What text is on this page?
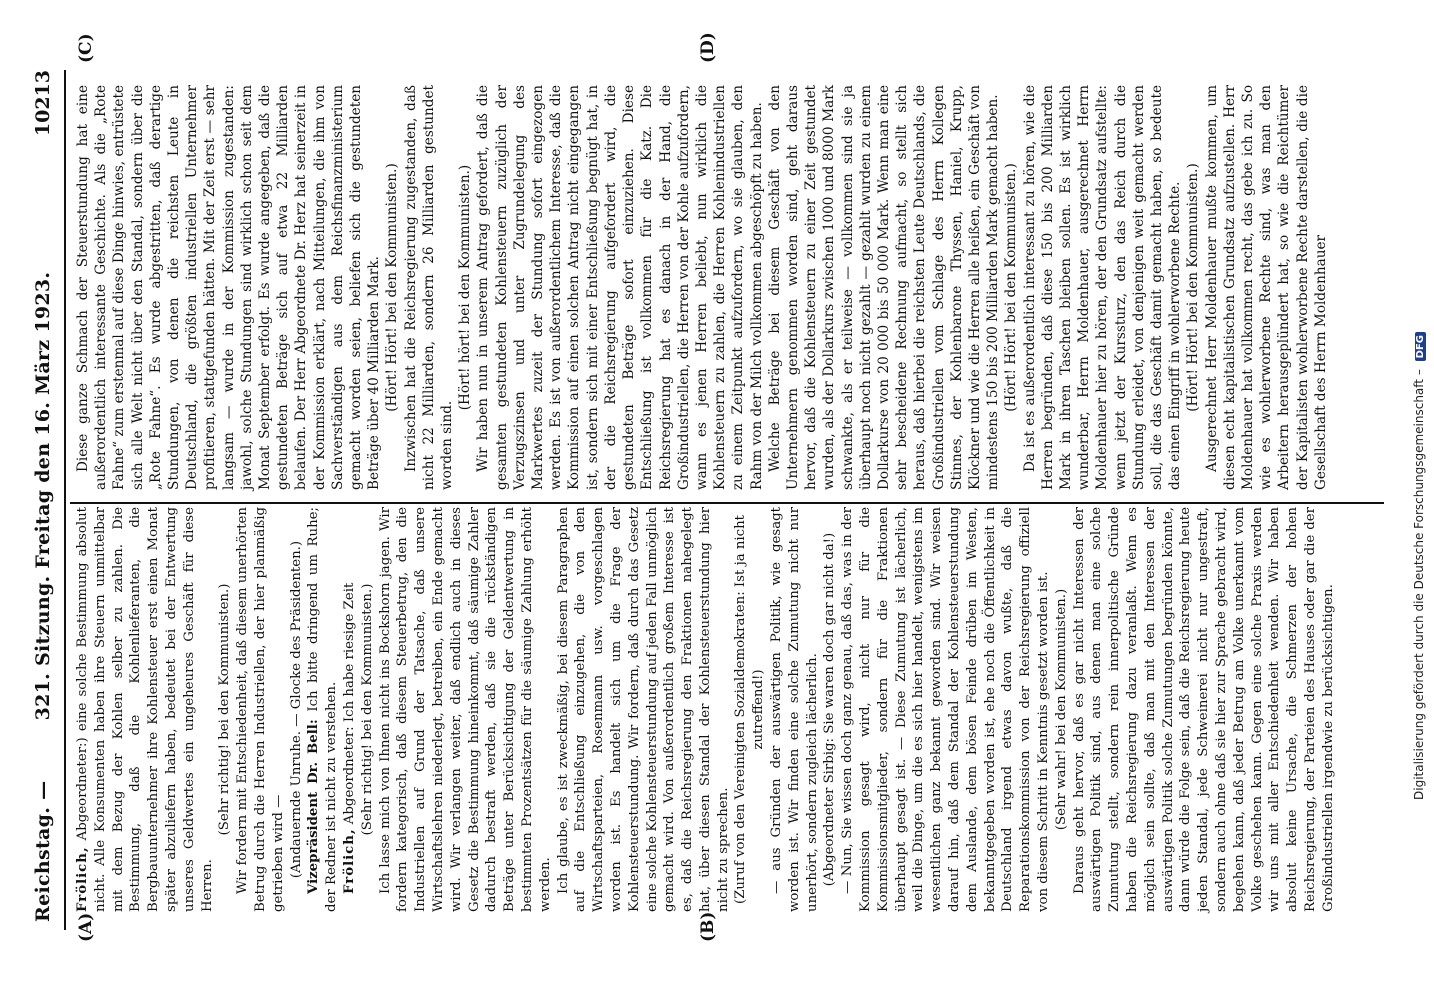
Reichstag. —
321. Sitzung. Freitag den 16. März 1923.
10213
(A)	(B)
(C)	(D)

Frölich, Abgeordneter:) eine solche Bestimmung absolut nicht. Alle Konsumenten haben ihre Steuern unmittelbar mit dem Bezug der Kohlen selber zu zahlen. Die Bestimmung, daß die Kohlenlieferanten, die Bergbauunternehmer ihre Kohlensteuer erst einen Monat später abzuliefern haben, bedeutet bei der Entwertung unseres Geldwertes ein ungeheures Geschäft für diese Herren.

(Sehr richtig! bei den Kommunisten.) Wir fordern mit Entschiedenheit, daß diesem unerhörten Betrug durch die Herren Industriellen, der hier planmäßig getrieben wird — (Andauernde Unruhe. — Glocke des Präsidenten.) Vizepräsident Dr. Bell: Ich bitte dringend um Ruhe; der Redner ist nicht zu verstehen. Frölich, Abgeordneter: Ich habe riesige Zeit (Sehr richtig! bei den Kommunisten.) Ich lasse mich von Ihnen nicht ins Bockshorn jagen. Wir fordern kategorisch, daß diesem Steuerbetrug, den die Industriellen auf Grund der Tatsache, daß unsere Wirtschaftslehren niederlegt, betreiben, ein Ende gemacht wird. Wir verlangen weiter, daß endlich auch in dieses Gesetz die Bestimmung hineinkommt, daß säumige Zahler dadurch bestraft werden, daß sie die rückständigen Beträge unter Berücksichtigung der Geldentwertung in bestimmten Prozentsätzen für die säumige Zahlung erhöht werden. Ich glaube, es ist zweckmäßig, bei diesem Paragraphen auf die Entschließung einzugehen, die von den Wirtschaftsparteien, Rosenmann usw. vorgeschlagen worden ist. Es handelt sich um die Frage der Kohlensteuerstundung. Wir fordern, daß durch das Gesetz eine solche Kohlensteuerstundung auf jeden Fall unmöglich gemacht wird. Von außerordentlich großem Interesse ist es, daß die Reichsregierung den Fraktionen nahegelegt hat, über diesen Standal der Kohlensteuerstundung hier nicht zu sprechen. (Zuruf von den Vereinigten Sozialdemokraten: Ist ja nicht zutreffend!) — aus Gründen der auswärtigen Politik, wie gesagt worden ist. Wir finden eine solche Zumutung nicht nur unerhört, sondern zugleich lächerlich. (Abgeordneter Sirbig: Sie waren doch gar nicht da!) — Nun, Sie wissen doch ganz genau, daß das, was in der Kommission gesagt wird, nicht nur für die Kommissionsmitglieder, sondern für die Fraktionen überhaupt gesagt ist. — Diese Zumutung ist lächerlich, weil die Dinge, um die es sich hier handelt, wenigstens im wesentlichen ganz bekannt geworden sind. Wir weisen darauf hin, daß dem Standal der Kohlensteuerstundung dem Auslande, dem bösen Feinde drüben im Westen, bekanntgegeben worden ist, ehe noch die Öffentlichkeit in Deutschland irgend etwas davon wußte, daß die Reparationskommission von der Reichsregierung offiziell von diesem Schritt in Kenntnis gesetzt worden ist. (Sehr wahr! bei den Kommunisten.) Daraus geht hervor, daß es gar nicht Interessen der auswärtigen Politik sind, aus denen man eine solche Zumutung stellt, sondern rein innerpolitische Gründe haben die Reichsregierung dazu veranlaßt. Wenn es möglich sein sollte, daß man mit den Interessen der auswärtigen Politik solche Zumutungen begründen könnte, dann würde die Folge sein, daß die Reichsregierung heute jeden Standal, jede Schweinerei nicht nur ungestraft, sondern auch ohne daß sie hier zur Sprache gebracht wird, begehen kann, daß jeder Betrug am Volke unerkannt vom Volke geschehen kann. Gegen eine solche Praxis werden wir uns mit aller Entschiedenheit wenden. Wir haben absolut keine Ursache, die Schmerzen der hohen Reichsregierung, der Parteien des Hauses oder gar die der Großindustriellen irgendwie zu berücksichtigen.

Diese ganze Schmach der Steuerstundung hat eine außerordentlich interessante Geschichte. Als die „Rote Fahne“ zum erstenmal auf diese Dinge hinwies, entrüstete sich alle Welt nicht über den Standal, sondern über die „Rote Fahne“. Es wurde abgestritten, daß derartige Stundungen, von denen die reichsten Leute in Deutschland, die größten industriellen Unternehmer profitieren, stattgefunden hätten. Mit der Zeit erst — sehr langsam — wurde in der Kommission zugestanden: jawohl, solche Stundungen sind wirklich schon seit dem Monat September erfolgt. Es wurde angegeben, daß die gestundeten Beträge sich auf etwa 22 Milliarden belaufen. Der Herr Abgeordnete Dr. Herz hat seinerzeit in der Kommission erklärt, nach Mitteilungen, die ihm von Sachverständigen aus dem Reichsfinanzministerium gemacht worden seien, beliefen sich die gestundeten Beträge über 40 Milliarden Mark. (Hört! Hört! bei den Kommunisten.) Inzwischen hat die Reichsregierung zugestanden, daß nicht 22 Milliarden, sondern 26 Milliarden gestundet worden sind.

(Hört! hört! bei den Kommunisten.) Wir haben nun in unserem Antrag gefordert, daß die gesamten gestundeten Kohlensteuern zuzüglich der Verzugszinsen und unter Zugrundelegung des Markwertes zuzeit der Stundung sofort eingezogen werden. Es ist von außerordentlichem Interesse, daß die Kommission auf einen solchen Antrag nicht eingegangen ist, sondern sich mit einer Entschließung begnügt hat, in der die Reichsregierung aufgefordert wird, die gestundeten Beträge sofort einzuziehen. Diese Entschließung ist vollkommen für die Katz. Die Reichsregierung hat es danach in der Hand, die Großindustriellen, die Herren von der Kohle aufzufordern, wann es jenen Herren beliebt, nun wirklich die Kohlensteuern zu zahlen, die Herren Kohlenindustriellen zu einem Zeitpunkt aufzufordern, wo sie glauben, den Rahm von der Milch vollkommen abgeschöpft zu haben. Welche Beträge bei diesem Geschäft von den Unternehmern genommen worden sind, geht daraus hervor, daß die Kohlensteuern zu einer Zeit gestundet wurden, als der Dollarkurs zwischen 1000 und 8000 Mark schwankte, als er teilweise — vollkommen sind sie ja überhaupt noch nicht gezahlt — gezahlt wurden zu einem Dollarkurse von 20 000 bis 50 000 Mark. Wenn man eine sehr bescheidene Rechnung aufmacht, so stellt sich heraus, daß hierbei die reichsten Leute Deutschlands, die Großindustriellen vom Schlage des Herrn Kollegen Stinnes, der Kohlenbarone Thyssen, Haniel, Krupp, Klöckner und wie die Herren alle heißen, ein Geschäft von mindestens 150 bis 200 Milliarden Mark gemacht haben. (Hört! Hört! bei den Kommunisten.) Da ist es außerordentlich interessant zu hören, wie die Herren begründen, daß diese 150 bis 200 Milliarden Mark in ihren Taschen bleiben sollen. Es ist wirklich wunderbar, Herrn Moldenhauer, ausgerechnet Herrn Moldenhauer hier zu hören, der den Grundsatz aufstellte: wenn jetzt der Kurssturz, den das Reich durch die Stundung erleidet, von denjenigen weit gemacht werden soll, die das Geschäft damit gemacht haben, so bedeute das einen Eingriff in wohlerworbene Rechte. (Hört! Hört! bei den Kommunisten.) Ausgerechnet Herr Moldenhauer mußte kommen, um diesen echt kapitalistischen Grundsatz aufzustellen. Herr Moldenhauer hat vollkommen recht, das gebe ich zu. So wie es wohlerworbene Rechte sind, was man den Arbeitern herausgeplündert hat, so wie die Reichtümer der Kapitalisten wohlerworbene Rechte darstellen, die die Gesellschaft des Herrn Moldenhauer

Digitalisierung gefördert durch die Deutsche Forschungsgemeinschaft – DFG
